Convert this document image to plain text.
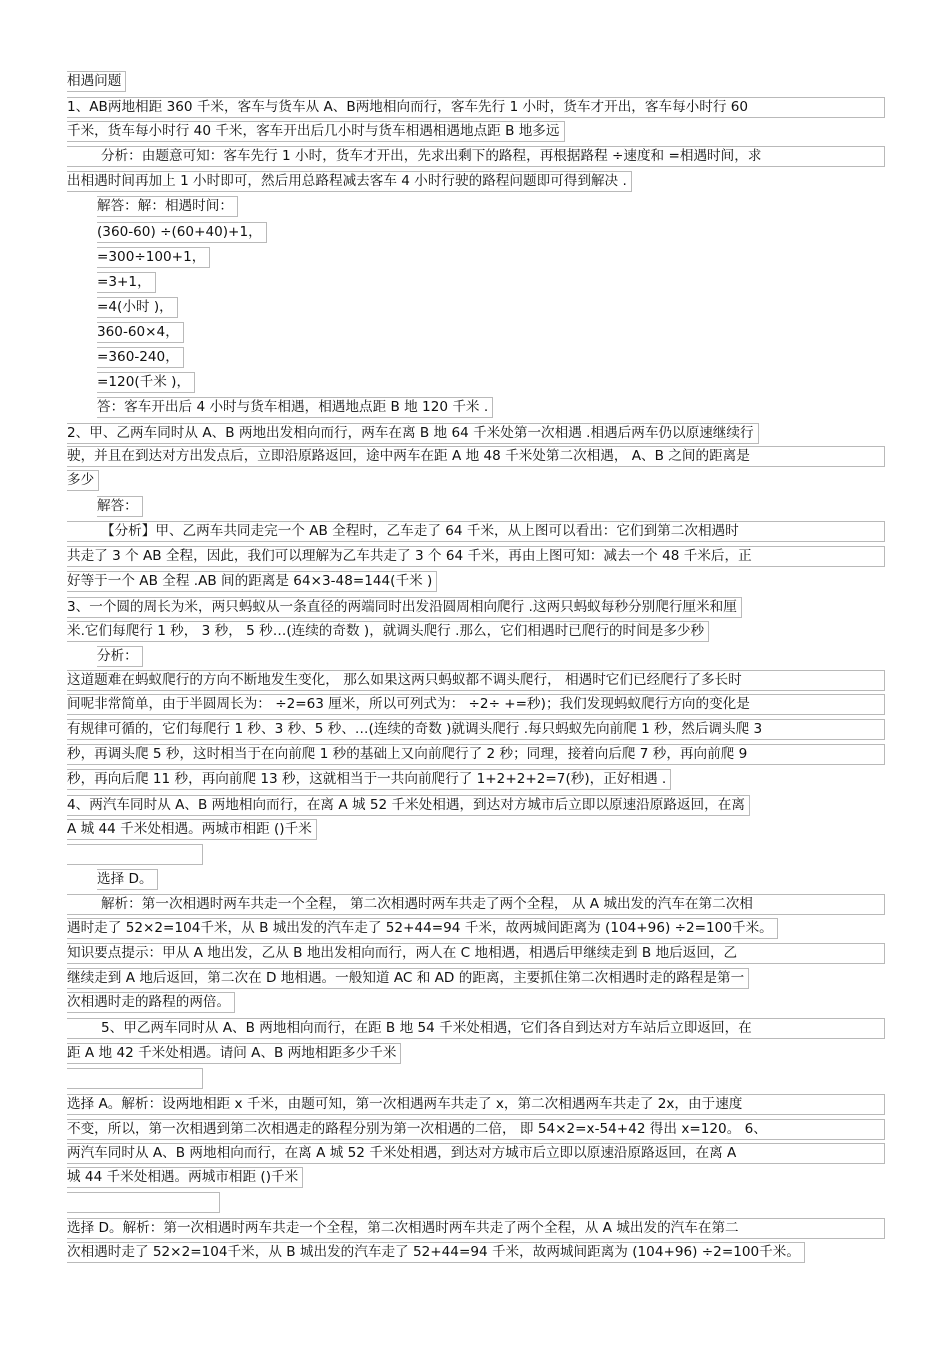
相遇问题
1、AB两地相距 360 千米，客车与货车从 A、B两地相向而行，客车先行 1 小时，货车才开出，客车每小时行 60
千米，货车每小时行 40 千米，客车开出后几小时与货车相遇相遇地点距 B 地多远
分析：由题意可知：客车先行 1 小时，货车才开出，先求出剩下的路程，再根据路程 ÷速度和 =相遇时间，求
出相遇时间再加上 1 小时即可，然后用总路程减去客车 4 小时行驶的路程问题即可得到解决 .
解答：解：相遇时间：
(360-60) ÷(60+40)+1，
=300÷100+1，
=3+1，
=4(小时 )，
360-60×4，
=360-240，
=120(千米 )，
答：客车开出后 4 小时与货车相遇，相遇地点距 B 地 120 千米 .
2、甲、乙两车同时从 A、B 两地出发相向而行，两车在离 B 地 64 千米处第一次相遇 .相遇后两车仍以原速继续行
驶，并且在到达对方出发点后，立即沿原路返回，途中两车在距 A 地 48 千米处第二次相遇， A、B 之间的距离是
多少
解答：
【分析】甲、乙两车共同走完一个 AB 全程时，乙车走了 64 千米，从上图可以看出：它们到第二次相遇时
共走了 3 个 AB 全程，因此，我们可以理解为乙车共走了 3 个 64 千米，再由上图可知：减去一个 48 千米后，正
好等于一个 AB 全程 .AB 间的距离是 64×3-48=144(千米 )
3、一个圆的周长为米，两只蚂蚁从一条直径的两端同时出发沿圆周相向爬行 .这两只蚂蚁每秒分别爬行厘米和厘
米.它们每爬行 1 秒， 3 秒， 5 秒…(连续的奇数 )，就调头爬行 .那么，它们相遇时已爬行的时间是多少秒
分析：
这道题难在蚂蚁爬行的方向不断地发生变化， 那么如果这两只蚂蚁都不调头爬行， 相遇时它们已经爬行了多长时
间呢非常简单，由于半圆周长为： ÷2=63 厘米，所以可列式为： ÷2÷ +=秒)；我们发现蚂蚁爬行方向的变化是
有规律可循的，它们每爬行 1 秒、3 秒、5 秒、…(连续的奇数 )就调头爬行 .每只蚂蚁先向前爬 1 秒，然后调头爬 3
秒，再调头爬 5 秒，这时相当于在向前爬 1 秒的基础上又向前爬行了 2 秒；同理，接着向后爬 7 秒，再向前爬 9
秒，再向后爬 11 秒，再向前爬 13 秒，这就相当于一共向前爬行了 1+2+2+2=7(秒)，正好相遇 .
4、两汽车同时从 A、B 两地相向而行，在离 A 城 52 千米处相遇，到达对方城市后立即以原速沿原路返回，在离
A 城 44 千米处相遇。两城市相距 ()千米
选择 D。
解析：第一次相遇时两车共走一个全程， 第二次相遇时两车共走了两个全程， 从 A 城出发的汽车在第二次相
遇时走了 52×2=104千米，从 B 城出发的汽车走了 52+44=94 千米，故两城间距离为 (104+96) ÷2=100千米。
知识要点提示：甲从 A 地出发，乙从 B 地出发相向而行，两人在 C 地相遇，相遇后甲继续走到 B 地后返回，乙
继续走到 A 地后返回，第二次在 D 地相遇。一般知道 AC 和 AD 的距离，主要抓住第二次相遇时走的路程是第一
次相遇时走的路程的两倍。
5、甲乙两车同时从 A、B 两地相向而行，在距 B 地 54 千米处相遇，它们各自到达对方车站后立即返回，在
距 A 地 42 千米处相遇。请问 A、B 两地相距多少千米
选择 A。解析：设两地相距 x 千米，由题可知，第一次相遇两车共走了 x，第二次相遇两车共走了 2x，由于速度
不变，所以，第一次相遇到第二次相遇走的路程分别为第一次相遇的二倍， 即 54×2=x-54+42 得出 x=120。 6、
两汽车同时从 A、B 两地相向而行，在离 A 城 52 千米处相遇，到达对方城市后立即以原速沿原路返回，在离 A
城 44 千米处相遇。两城市相距 ()千米
选择 D。解析：第一次相遇时两车共走一个全程，第二次相遇时两车共走了两个全程，从 A 城出发的汽车在第二
次相遇时走了 52×2=104千米，从 B 城出发的汽车走了 52+44=94 千米，故两城间距离为 (104+96) ÷2=100千米。
